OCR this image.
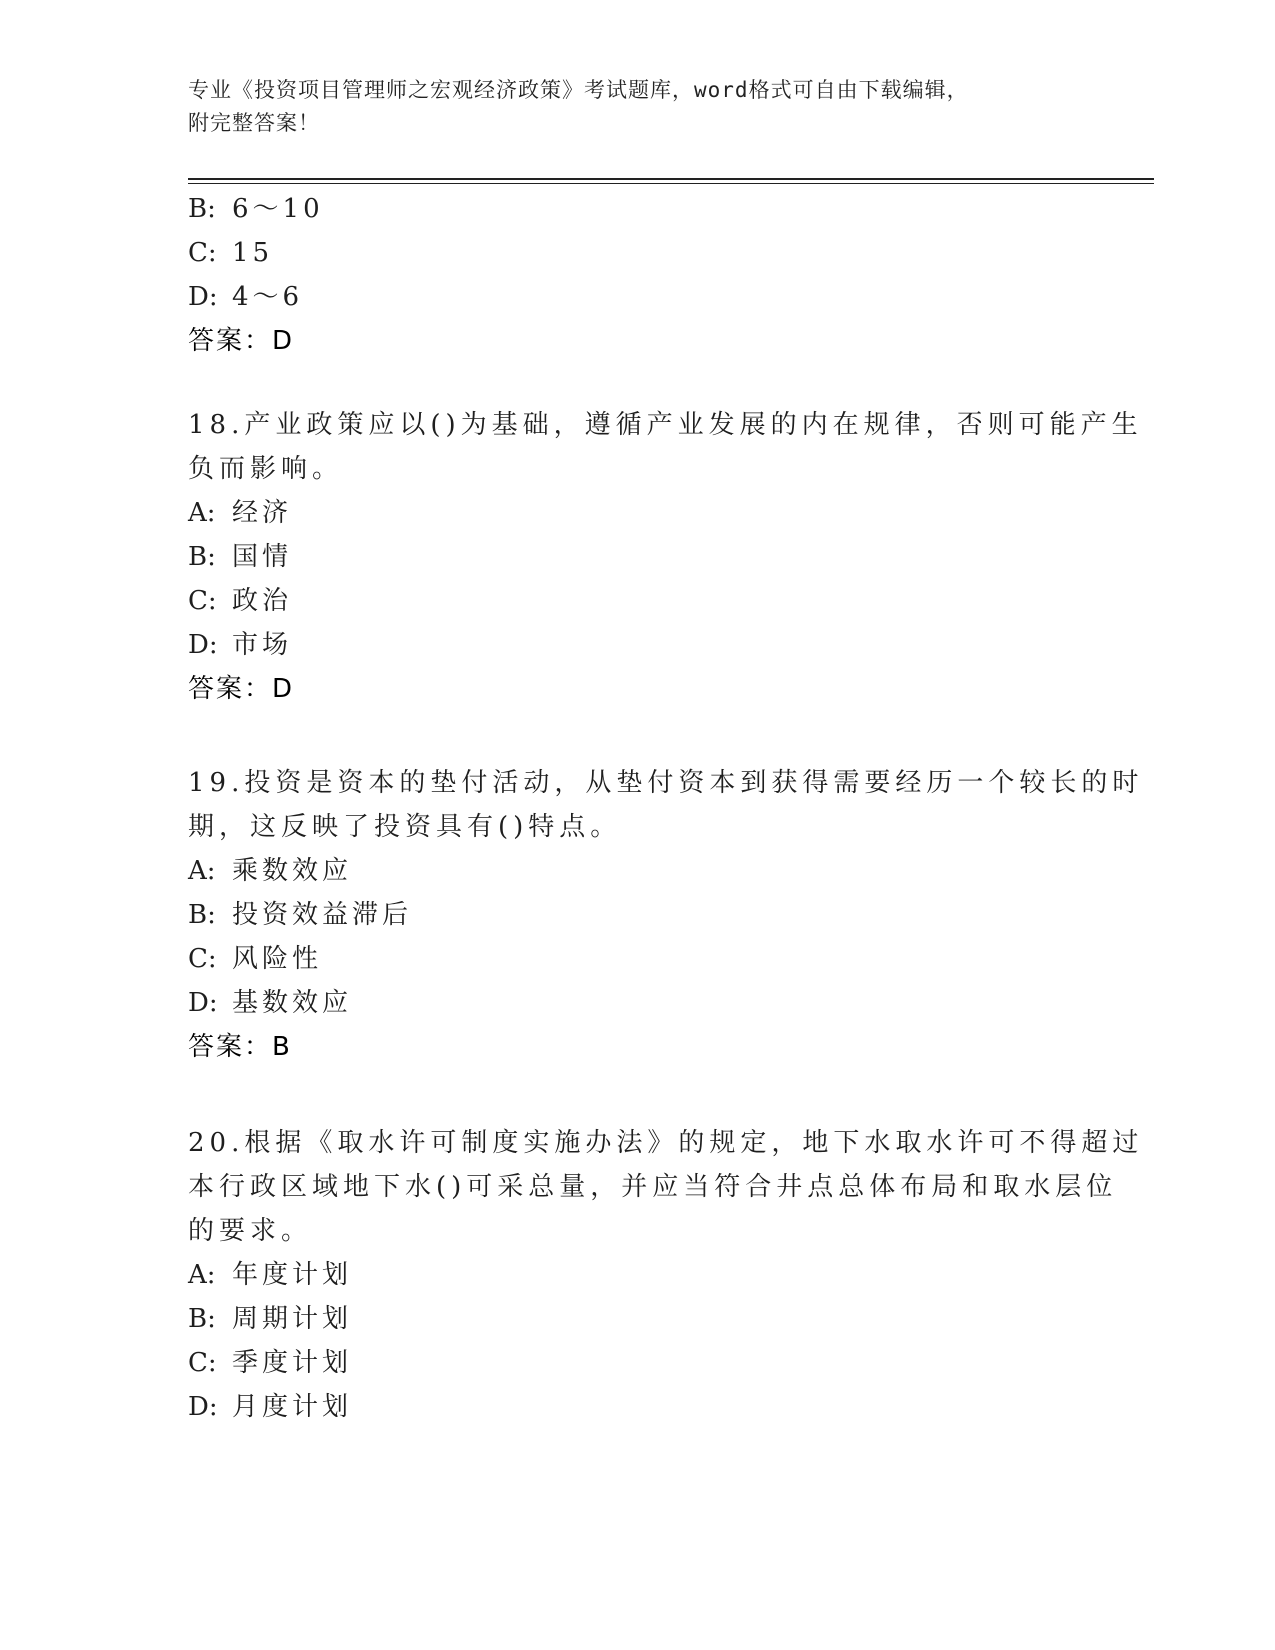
专业《投资项目管理师之宏观经济政策》考试题库，word格式可自由下载编辑，
附完整答案！
B: 6～10
C: 15
D: 4～6
答案：D
18.产业政策应以()为基础，遵循产业发展的内在规律，否则可能产生
负而影响。
A: 经济
B: 国情
C: 政治
D: 市场
答案：D
19.投资是资本的垫付活动，从垫付资本到获得需要经历一个较长的时
期，这反映了投资具有()特点。
A: 乘数效应
B: 投资效益滞后
C: 风险性
D: 基数效应
答案：B
20.根据《取水许可制度实施办法》的规定，地下水取水许可不得超过
本行政区域地下水()可采总量，并应当符合井点总体布局和取水层位
的要求。
A: 年度计划
B: 周期计划
C: 季度计划
D: 月度计划
